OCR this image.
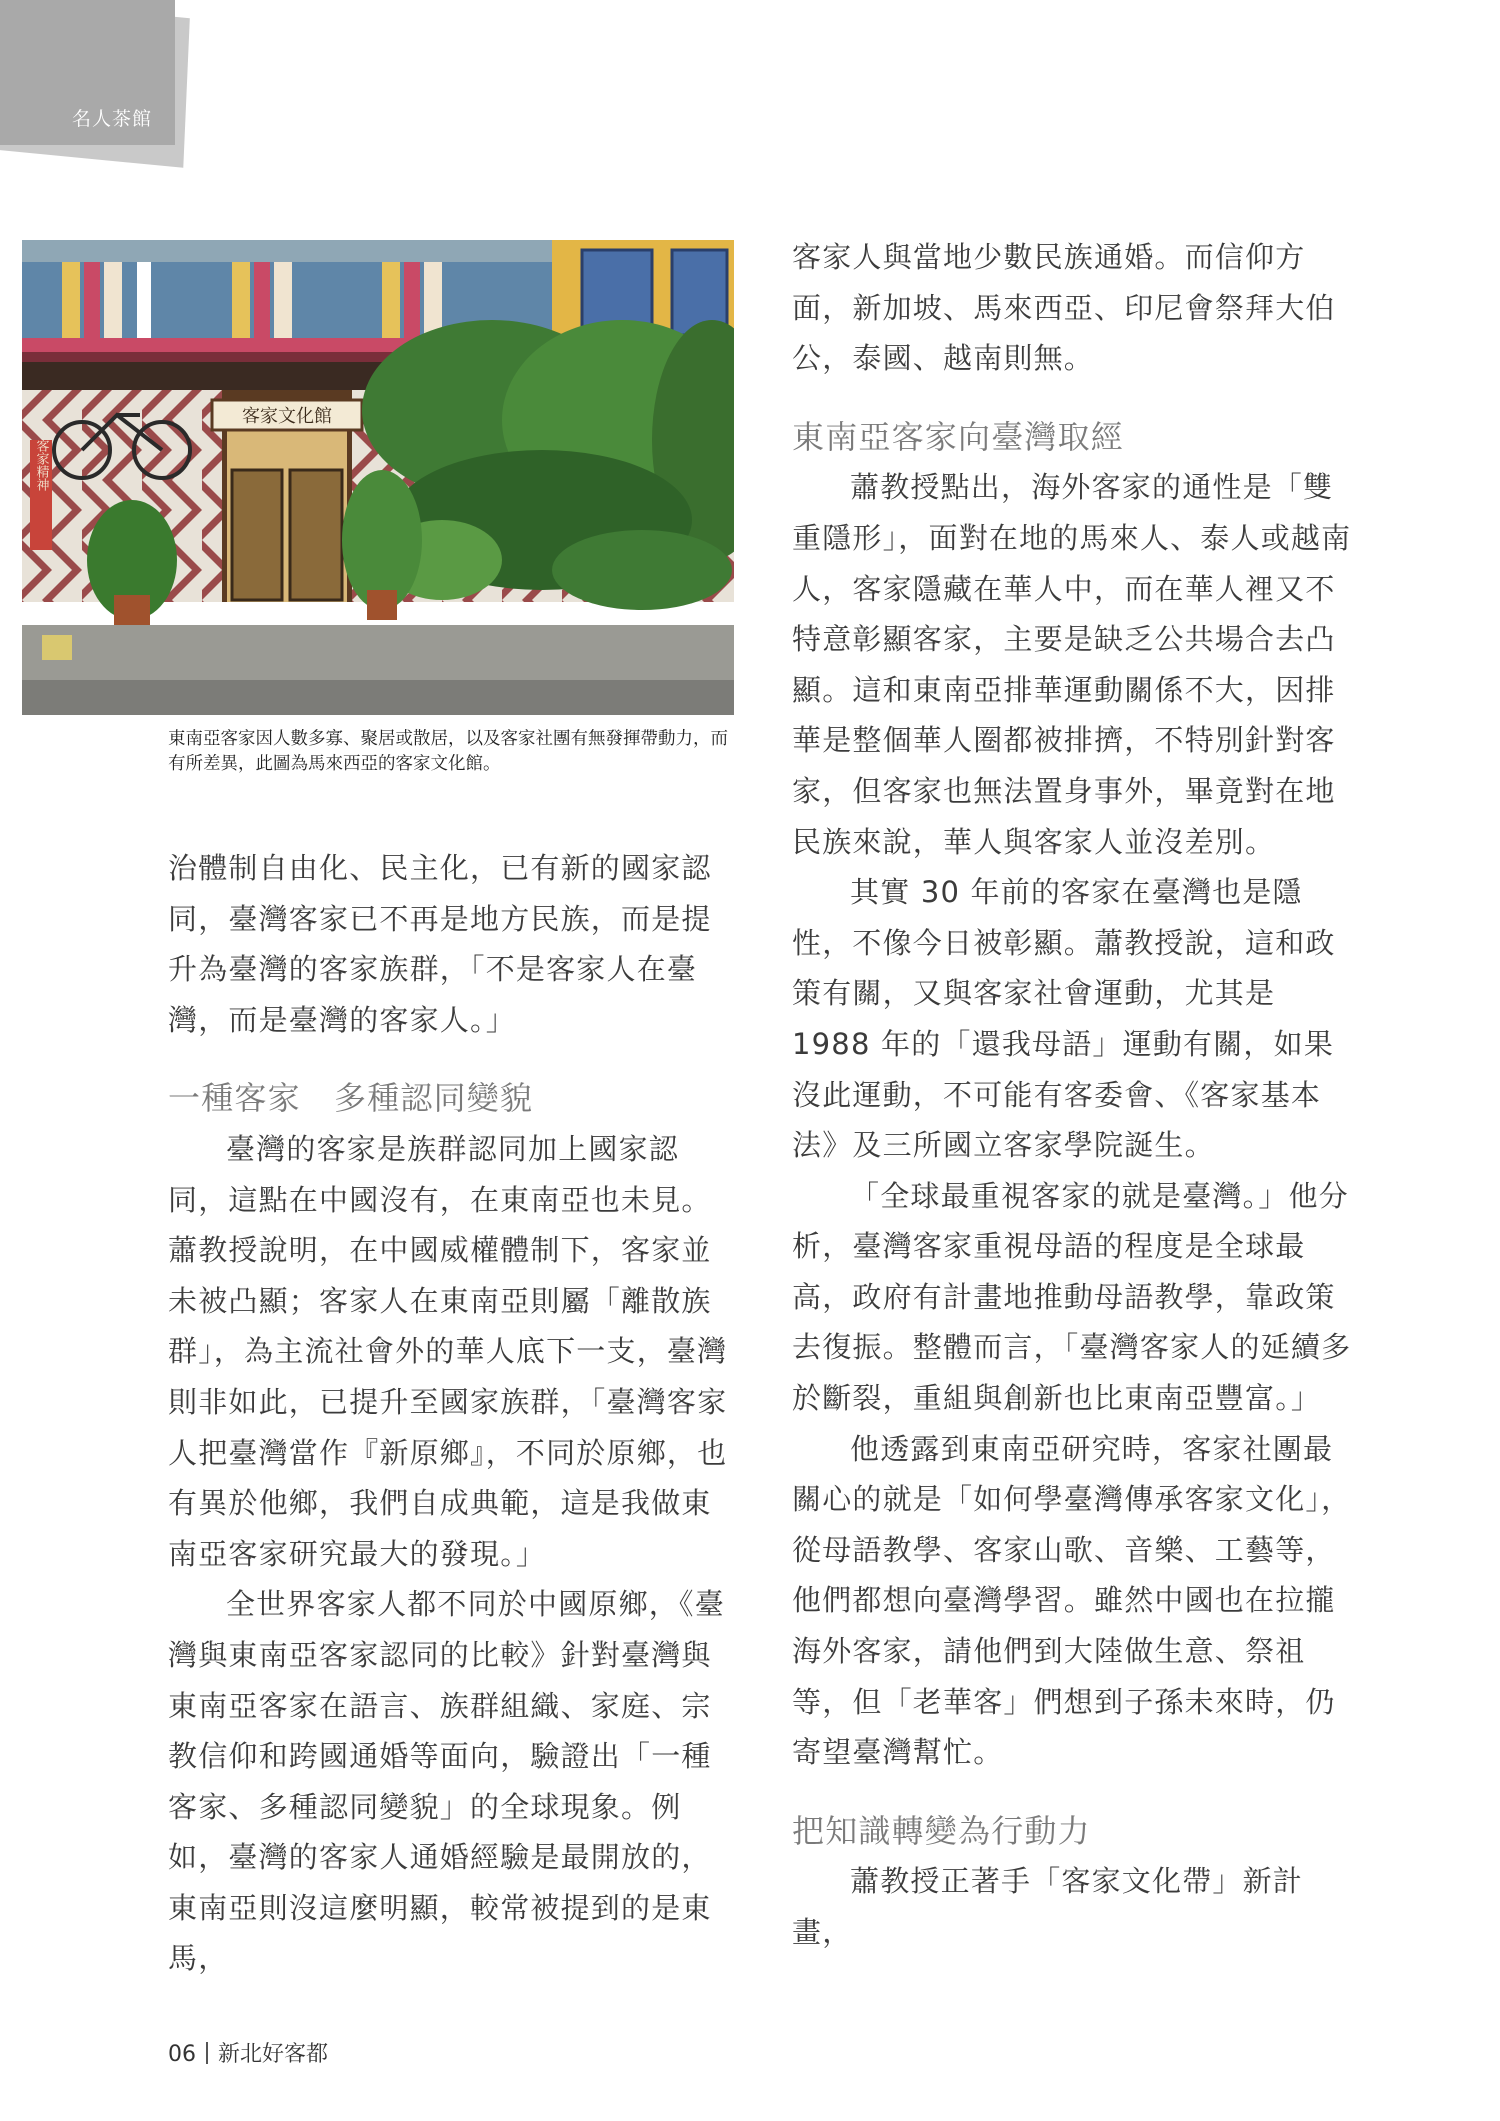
名人茶館
客家文化館
客家精神
東南亞客家因人數多寡、聚居或散居，以及客家社團有無發揮帶動力，而有所差異，此圖為馬來西亞的客家文化館。

治體制自由化、民主化，已有新的國家認同，臺灣客家已不再是地方民族，而是提升為臺灣的客家族群，「不是客家人在臺灣，而是臺灣的客家人。」

一種客家　多種認同變貌

臺灣的客家是族群認同加上國家認同，這點在中國沒有，在東南亞也未見。蕭教授說明，在中國威權體制下，客家並未被凸顯；客家人在東南亞則屬「離散族群」，為主流社會外的華人底下一支，臺灣則非如此，已提升至國家族群，「臺灣客家人把臺灣當作『新原鄉』，不同於原鄉，也有異於他鄉，我們自成典範，這是我做東南亞客家研究最大的發現。」

全世界客家人都不同於中國原鄉，《臺灣與東南亞客家認同的比較》針對臺灣與東南亞客家在語言、族群組織、家庭、宗教信仰和跨國通婚等面向，驗證出「一種客家、多種認同變貌」的全球現象。例如，臺灣的客家人通婚經驗是最開放的，東南亞則沒這麼明顯，較常被提到的是東馬，

客家人與當地少數民族通婚。而信仰方面，新加坡、馬來西亞、印尼會祭拜大伯公，泰國、越南則無。

東南亞客家向臺灣取經

蕭教授點出，海外客家的通性是「雙重隱形」，面對在地的馬來人、泰人或越南人，客家隱藏在華人中，而在華人裡又不特意彰顯客家，主要是缺乏公共場合去凸顯。這和東南亞排華運動關係不大，因排華是整個華人圈都被排擠，不特別針對客家，但客家也無法置身事外，畢竟對在地民族來說，華人與客家人並沒差別。

其實 30 年前的客家在臺灣也是隱性，不像今日被彰顯。蕭教授說，這和政策有關，又與客家社會運動，尤其是 1988 年的「還我母語」運動有關，如果沒此運動，不可能有客委會、《客家基本法》及三所國立客家學院誕生。

「全球最重視客家的就是臺灣。」他分析，臺灣客家重視母語的程度是全球最高，政府有計畫地推動母語教學，靠政策去復振。整體而言，「臺灣客家人的延續多於斷裂，重組與創新也比東南亞豐富。」

他透露到東南亞研究時，客家社團最關心的就是「如何學臺灣傳承客家文化」，從母語教學、客家山歌、音樂、工藝等，他們都想向臺灣學習。雖然中國也在拉攏海外客家，請他們到大陸做生意、祭祖等，但「老華客」們想到子孫未來時，仍寄望臺灣幫忙。

把知識轉變為行動力

蕭教授正著手「客家文化帶」新計畫，

06 新北好客都
